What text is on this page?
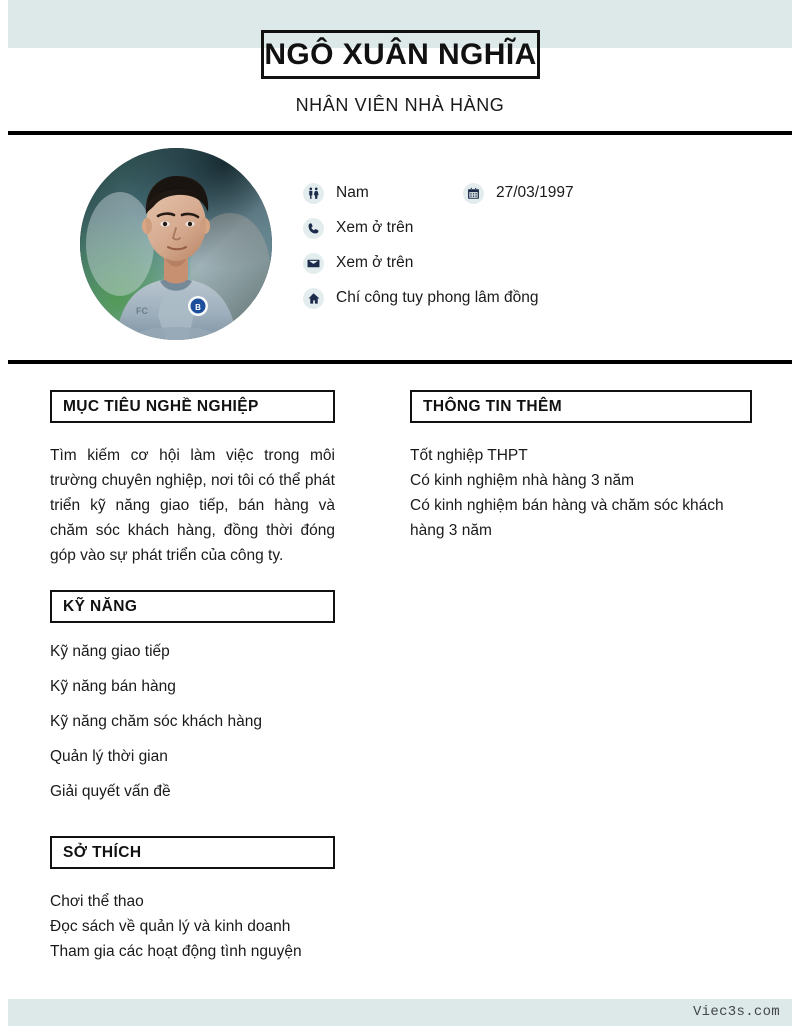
NGÔ XUÂN NGHĨA
NHÂN VIÊN NHÀ HÀNG
B
FC
Nam	27/03/1997
Xem ở trên
Xem ở trên
Chí công tuy phong lâm đồng
MỤC TIÊU NGHỀ NGHIỆP

Tìm kiếm cơ hội làm việc trong môi trường chuyên nghiệp, nơi tôi có thể phát triển kỹ năng giao tiếp, bán hàng và chăm sóc khách hàng, đồng thời đóng góp vào sự phát triển của công ty.

KỸ NĂNG
Kỹ năng giao tiếp
Kỹ năng bán hàng
Kỹ năng chăm sóc khách hàng
Quản lý thời gian
Giải quyết vấn đề
SỞ THÍCH
Chơi thể thao
Đọc sách về quản lý và kinh doanh
Tham gia các hoạt động tình nguyện
THÔNG TIN THÊM
Tốt nghiệp THPT
Có kinh nghiệm nhà hàng 3 năm
Có kinh nghiệm bán hàng và chăm sóc khách hàng 3 năm
Viec3s.com
